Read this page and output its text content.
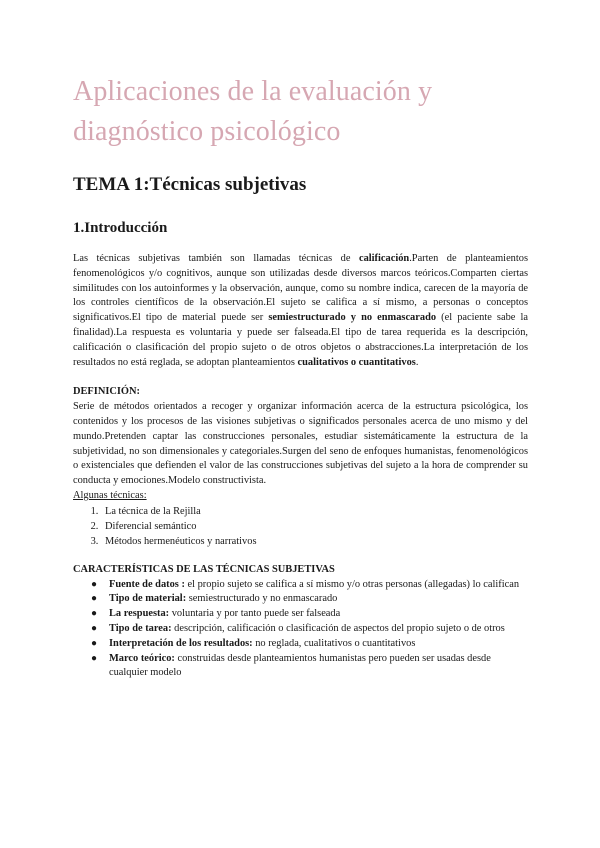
Aplicaciones de la evaluación y diagnóstico psicológico
TEMA 1:Técnicas subjetivas
1.Introducción

Las técnicas subjetivas también son llamadas técnicas de calificación.Parten de planteamientos fenomenológicos y/o cognitivos, aunque son utilizadas desde diversos marcos teóricos.Comparten ciertas similitudes con los autoinformes y la observación, aunque, como su nombre indica, carecen de la mayoría de los controles científicos de la observación.El sujeto se califica a sí mismo, a personas o conceptos significativos.El tipo de material puede ser semiestructurado y no enmascarado (el paciente sabe la finalidad).La respuesta es voluntaria y puede ser falseada.El tipo de tarea requerida es la descripción, calificación o clasificación del propio sujeto o de otros objetos o abstracciones.La interpretación de los resultados no está reglada, se adoptan planteamientos cualitativos o cuantitativos.

DEFINICIÓN:

Serie de métodos orientados a recoger y organizar información acerca de la estructura psicológica, los contenidos y los procesos de las visiones subjetivas o significados personales acerca de uno mismo y del mundo.Pretenden captar las construcciones personales, estudiar sistemáticamente la estructura de la subjetividad, no son dimensionales y categoriales.Surgen del seno de enfoques humanistas, fenomenológicos o existenciales que defienden el valor de las construcciones subjetivas del sujeto a la hora de comprender su conducta y emociones.Modelo constructivista.

Algunas técnicas:
1. La técnica de la Rejilla
2. Diferencial semántico
3. Métodos hermenéuticos y narrativos
CARACTERÍSTICAS DE LAS TÉCNICAS SUBJETIVAS
● Fuente de datos : el propio sujeto se califica a sí mismo y/o otras personas (allegadas) lo califican
● Tipo de material: semiestructurado y no enmascarado
● La respuesta: voluntaria y por tanto puede ser falseada
● Tipo de tarea: descripción, calificación o clasificación de aspectos del propio sujeto o de otros
● Interpretación de los resultados: no reglada, cualitativos o cuantitativos
● Marco teórico: construidas desde planteamientos humanistas pero pueden ser usadas desde cualquier modelo
